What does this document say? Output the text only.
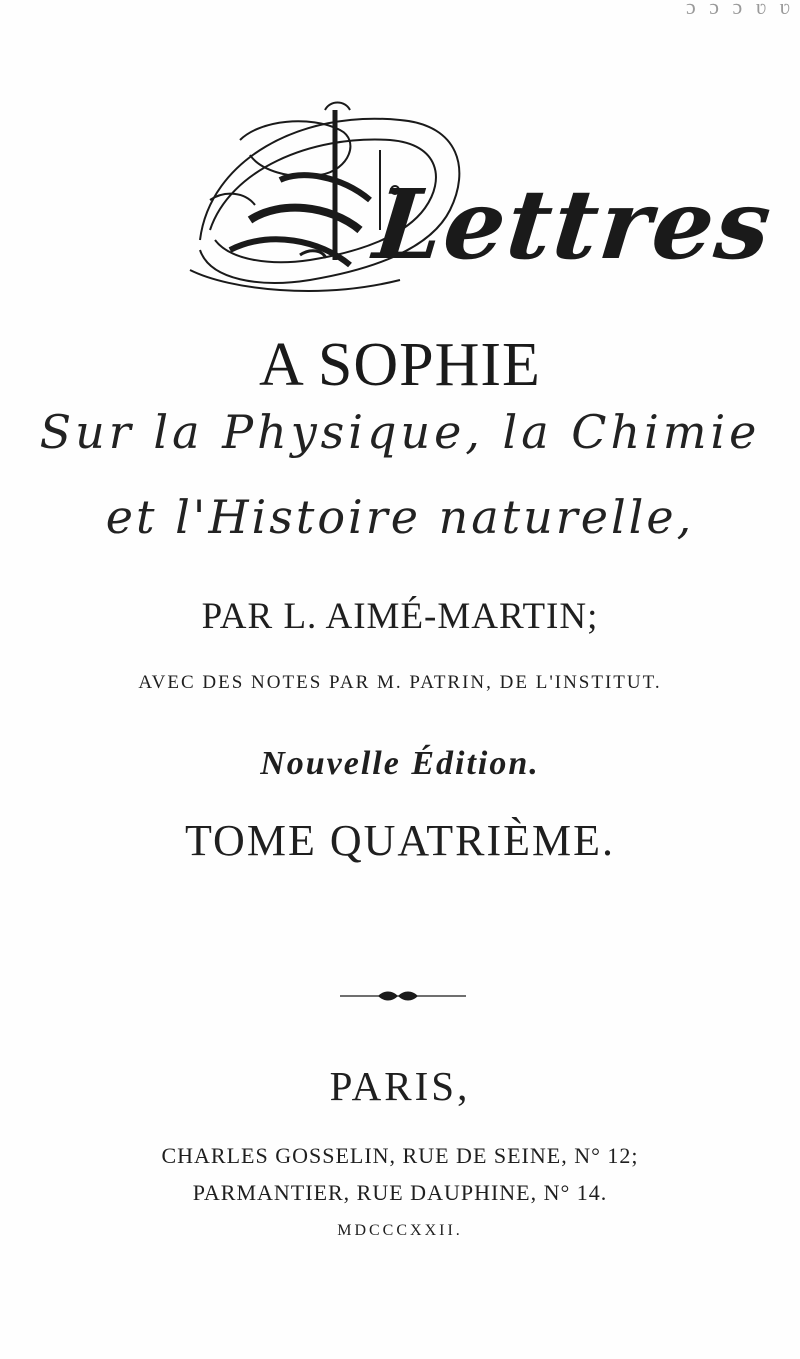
ɔ ɔ ɔ ʋ ʋ
Lettres
A SOPHIE
Sur la Physique, la Chimie
et l'Histoire naturelle,
PAR L. AIMÉ-MARTIN;
AVEC DES NOTES PAR M. PATRIN, DE L'INSTITUT.
Nouvelle Édition.
TOME QUATRIÈME.
PARIS,
CHARLES GOSSELIN, RUE DE SEINE, N° 12;
PARMANTIER, RUE DAUPHINE, N° 14.
MDCCCXXII.
